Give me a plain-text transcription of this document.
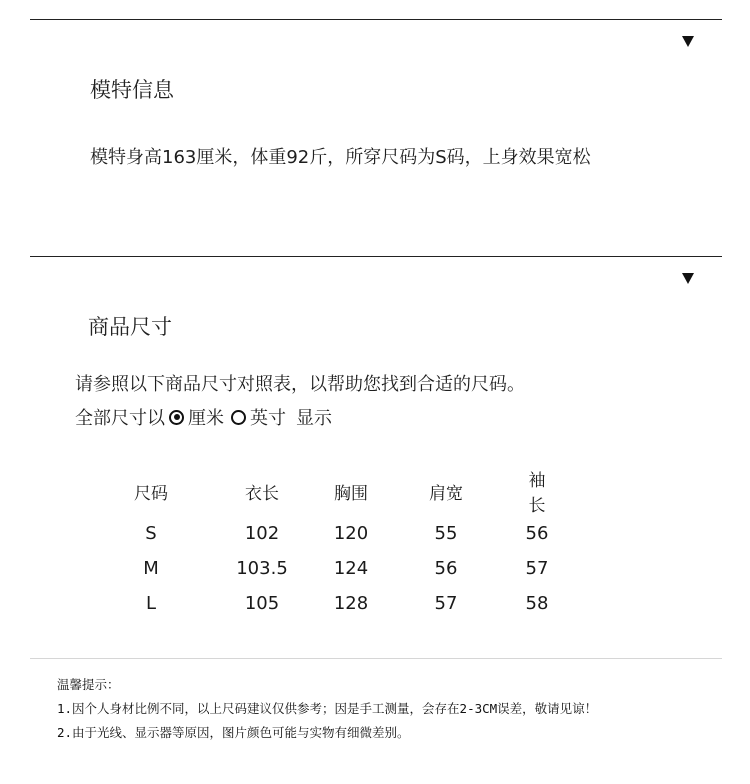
模特信息
模特身高163厘米，体重92斤，所穿尺码为S码，上身效果宽松
商品尺寸
请参照以下商品尺寸对照表，以帮助您找到合适的尺码。
全部尺寸以 厘米 英寸 显示
尺码	衣长	胸围	肩宽	袖长
S	102	120	55	56
M	103.5	124	56	57
L	105	128	57	58
温馨提示：
1.因个人身材比例不同，以上尺码建议仅供参考；因是手工测量，会存在2-3CM误差，敬请见谅！
2.由于光线、显示器等原因，图片颜色可能与实物有细微差别。
